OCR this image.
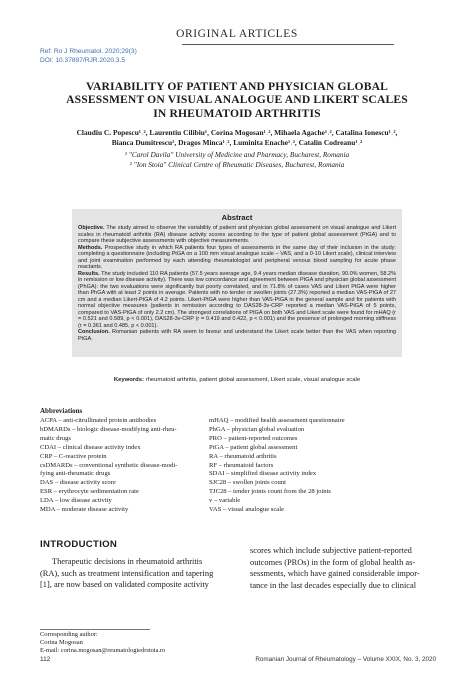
ORIGINAL ARTICLES
Ref: Ro J Rheumatol. 2020;29(3)
DOI: 10.37897/RJR.2020.3.5
VARIABILITY OF PATIENT AND PHYSICIAN GLOBAL
ASSESSMENT ON VISUAL ANALOGUE AND LIKERT SCALES
IN RHEUMATOID ARTHRITIS
Claudiu C. Popescu¹˒², Laurentiu Cilibiu¹, Corina Mogosan¹˒², Mihaela Agache¹˒², Catalina Ionescu¹˒²,
Bianca Dumitrescu², Dragos Minca¹˒², Luminita Enache¹˒², Catalin Codreanu¹˒²
¹ "Carol Davila" University of Medicine and Pharmacy, Bucharest, Romania
² "Ion Stoia" Clinical Centre of Rheumatic Diseases, Bucharest, Romania
Abstract

Objective. The study aimed to observe the variability of patient and physician global assessment on visual analogue and Likert scales in rheumatoid arthritis (RA) disease activity scores according to the type of patient global assessment (PtGA) and to compare these subjective assessments with objective measurements.

Methods. Prospective study in which RA patients four types of assessments in the same day of their inclusion in the study: completing a questionnaire (including PtGA on a 100 mm visual analogue scale – VAS, and a 0-10 Likert scale), clinical interview and joint examination performed by each attending rheumatologist and peripheral venous blood sampling for acute phase reactants.

Results. The study included 110 RA patients (57.5 years average age, 9.4 years median disease duration, 90.0% women, 58.2% in remission or low disease activity). There was low concordance and agreement between PtGA and physician global assessment (PhGA): the two evaluations were significantly but poorly correlated, and in 71.8% of cases VAS and Likert PtGA were higher than PhGA with at least 2 points in average. Patients with no tender or swollen joints (27.3%) reported a median VAS-PtGA of 27 cm and a median Likert-PtGA of 4.2 points. Likert-PtGA were higher than VAS-PtGA in the general sample and for patients with normal objective measures (patients in remission according to DAS28-3v-CRP reported a median VAS-PtGA of 5 points, compared to VAS-PtGA of only 2.2 cm). The strongest correlations of PtGA on both VAS and Likert scale were found for mHAQ (r = 0.521 and 0.589, p < 0.001), DAS28-3v-CRP (r = 0.419 and 0.422, p < 0.001) and the presence of prolonged morning stiffness (r = 0.361 and 0.485, p < 0.001).

Conclusion. Romanian patients with RA seem to favour and understand the Likert scale better than the VAS when reporting PtGA.

Keywords: rheumatoid arthritis, patient global assessment, Likert scale, visual analogue scale
Abbreviations
ACPA – anti-citrullinated protein antibodies
bDMARDs – biologic disease-modifying anti-rheu-
matic drugs
CDAI – clinical disease activity index
CRP – C-reactive protein
csDMARDs – conventional synthetic disease-modi-
fying anti-rheumatic drugs
DAS – disease activity score
ESR – erythrocyte sedimentation rate
LDA – low disease activity
MDA – moderate disease activity
mHAQ – modified health assessment questionnaire
PhGA – physician global evaluation
PRO – patient-reported outcomes
PtGA – patient global assessment
RA – rheumatoid arthritis
RF – rheumatoid factors
SDAI – simplified disease activity index
SJC28 – swollen joints count
TJC28 – tender joints count from the 28 joints
v – variable
VAS – visual analogue scale
INTRODUCTION
Therapeutic decisions in rheumatoid arthritis
(RA), such as treatment intensification and tapering
[1], are now based on validated composite activity
scores which include subjective patient-reported
outcomes (PROs) in the form of global health as-
sessments, which have gained considerable impor-
tance in the last decades especially due to clinical
Corresponding author:
Corina Mogosan
E-mail: corina.mogosan@reumatologiedrstoia.ro
112	Romanian Journal of Rheumatology – Volume XXIX, No. 3, 2020
